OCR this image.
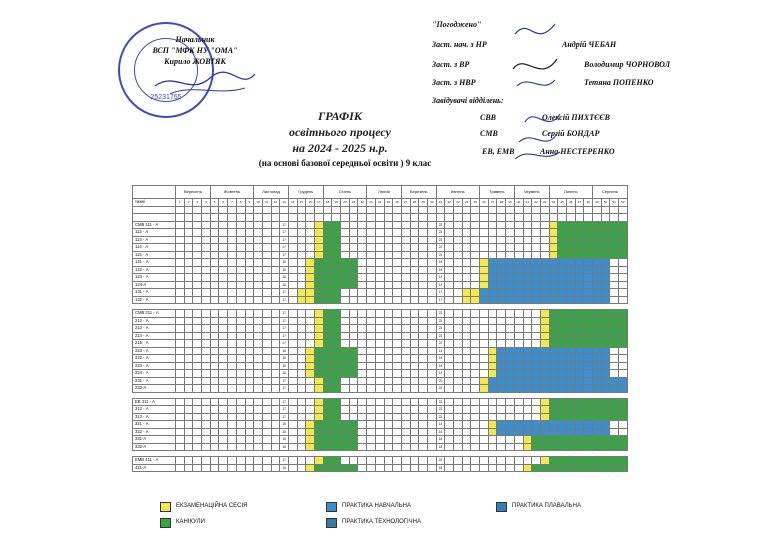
25231765
Начальник
ВСП "МФК НУ "ОМА"
Кирило ЖОВТЯК
"Погоджено"
Заст. нач. з НР	Андрій ЧЕБАН
Заст. з ВР	Володимир ЧОРНОВОЛ
Заст. з НВР	Тетяна ПОПЕНКО
Завідувачі відділень:
СВВ	Олексій ПИХТЄЄВ
СМВ	Сергій БОНДАР
ЕВ, ЕМВ	Анна НЕСТЕРЕНКО
ГРАФІК
освітнього процесу
на 2024 - 2025 н.р.
(на основі базової середньої освіти ) 9 клас
	Вересень				Жовтень					Листопад				Грудень				Січень					Лютий				Березень				Квітень					Травень				Червень				Липень					Серпень			
тижні	1	2	3	4	5	6	7	8	9	10	11	12	13	14	15	16	17	18	19	20	21	22	23	24	25	26	27	28	29	30	31	32	33	34	35	36	37	38	39	40	41	42	43	44	45	46	47	48	49	50	51	52

СМВ 111 - А													17																		22																					
112 - А													17																		22																					
113 - А													17																		22																					
114 - А													17																		22																					
115 - А													17																		22																					
121 - А													16																		14																					
122 - А													16																		14																					
123 - А													16																		14																					
124-А													16																		14																					
131 - А													17																		17																					
132 - А													17																		17																					

СМВ 211 - А													17																		22																					
212 - А													17																		22																					
213 - А													17																		22																					
214 - А													17																		22																					
215 - А													17																		22																					
223 - А													16																		14																					
222 - А													16																		14																					
223 - А													16																		14																					
224 - А													16																		14																					
231 - А													17																		22																					
232-А													17																		22																					

ЕВ 311 - А													17																		22																					
312 - А													17																		22																					
313 - А													17																		22																					
321 - А													16																		14																					
322 - А													16																		14																					
331-А													16																		18																					
332-А													16																		18																					

ЕМВ 411 - А													17																		22																					
421-А													16																		18																					
ЕКЗАМЕНАЦІЙНА СЕСІЯ
КАНІКУЛИ
ПРАКТИКА НАВЧАЛЬНА
ПРАКТИКА ТЕХНОЛОГІЧНА
ПРАКТИКА ПЛАВАЛЬНА
